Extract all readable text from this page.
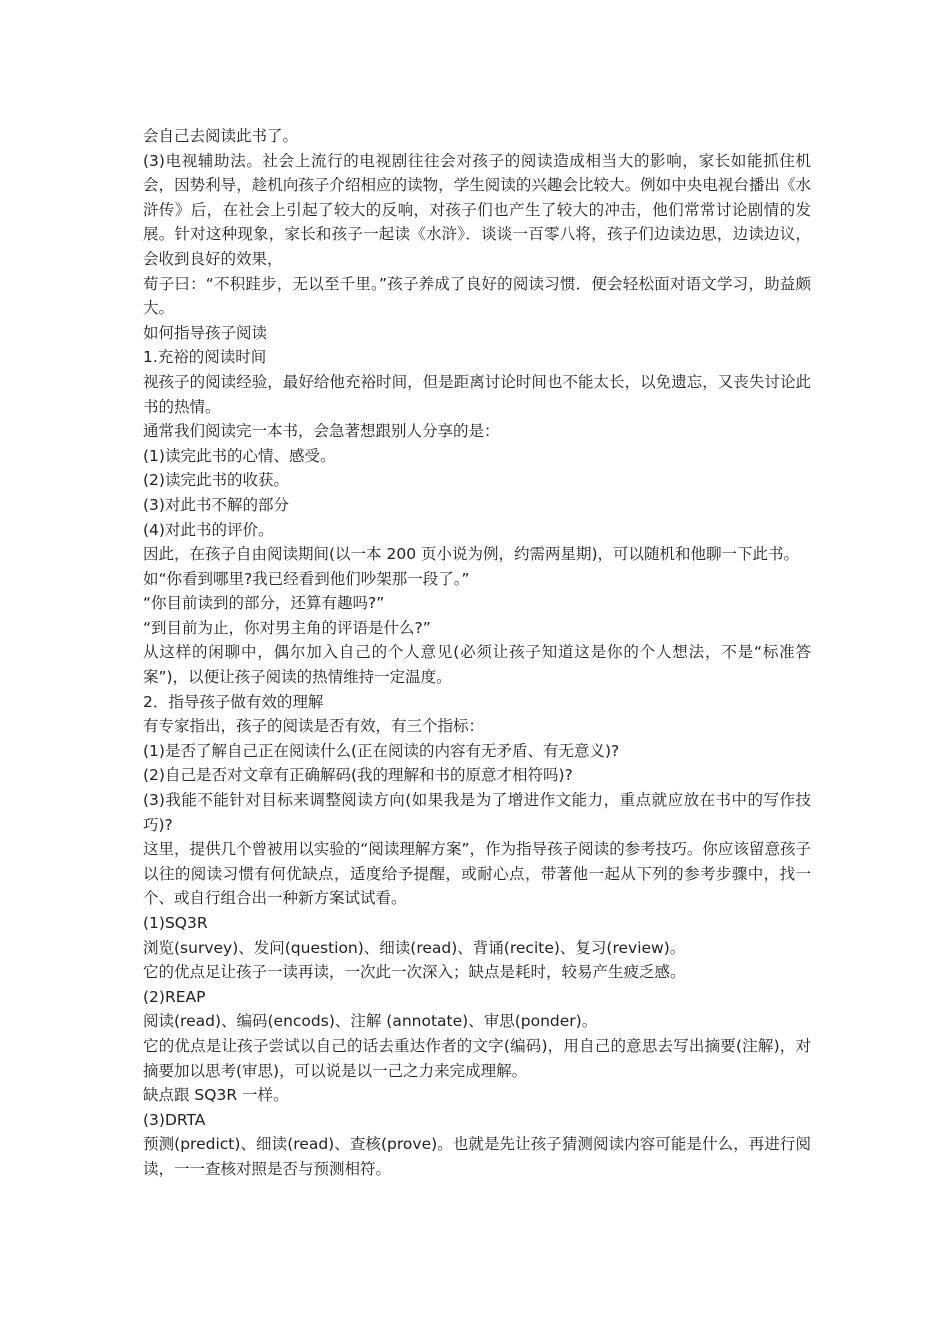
会自己去阅读此书了。

(3)电视辅助法。社会上流行的电视剧往往会对孩子的阅读造成相当大的影响，家长如能抓住机会，因势利导，趁机向孩子介绍相应的读物，学生阅读的兴趣会比较大。例如中央电视台播出《水浒传》后，在社会上引起了较大的反响，对孩子们也产生了较大的冲击，他们常常讨论剧情的发展。针对这种现象，家长和孩子一起读《水浒》．谈谈一百零八将，孩子们边读边思，边读边议，会收到良好的效果，

荀子曰：“不积跬步，无以至千里。”孩子养成了良好的阅读习惯．便会轻松面对语文学习，助益颇大。

如何指导孩子阅读

1.充裕的阅读时间

视孩子的阅读经验，最好给他充裕时间，但是距离讨论时间也不能太长，以免遗忘，又丧失讨论此书的热情。

通常我们阅读完一本书，会急著想跟别人分享的是：

(1)读完此书的心情、感受。

(2)读完此书的收获。

(3)对此书不解的部分

(4)对此书的评价。

因此，在孩子自由阅读期间(以一本 200 页小说为例，约需两星期)，可以随机和他聊一下此书。

如“你看到哪里?我已经看到他们吵架那一段了。”

“你目前读到的部分，还算有趣吗?”

“到目前为止，你对男主角的评语是什么?”

从这样的闲聊中，偶尔加入自己的个人意见(必须让孩子知道这是你的个人想法，不是“标准答案”)，以便让孩子阅读的热情维持一定温度。

2．指导孩子做有效的理解

有专家指出，孩子的阅读是否有效，有三个指标：

(1)是否了解自己正在阅读什么(正在阅读的内容有无矛盾、有无意义)?

(2)自己是否对文章有正确解码(我的理解和书的原意才相符吗)?

(3)我能不能针对目标来调整阅读方向(如果我是为了增进作文能力，重点就应放在书中的写作技巧)?

这里，提供几个曾被用以实验的“阅读理解方案”，作为指导孩子阅读的参考技巧。你应该留意孩子以往的阅读习惯有何优缺点，适度给予提醒，或耐心点，带著他一起从下列的参考步骤中，找一个、或自行组合出一种新方案试试看。

(1)SQ3R

浏览(survey)、发问(question)、细读(read)、背诵(recite)、复习(review)。

它的优点足让孩子一读再读，一次此一次深入；缺点是耗时，较易产生疲乏感。

(2)REAP

阅读(read)、编码(encods)、注解 (annotate)、审思(ponder)。

它的优点是让孩子尝试以自己的话去重达作者的文字(编码)，用自己的意思去写出摘要(注解)，对摘要加以思考(审思)，可以说是以一己之力来完成理解。

缺点跟 SQ3R 一样。

(3)DRTA

预测(predict)、细读(read)、查核(prove)。也就是先让孩子猜测阅读内容可能是什么，再进行阅读，一一查核对照是否与预测相符。
